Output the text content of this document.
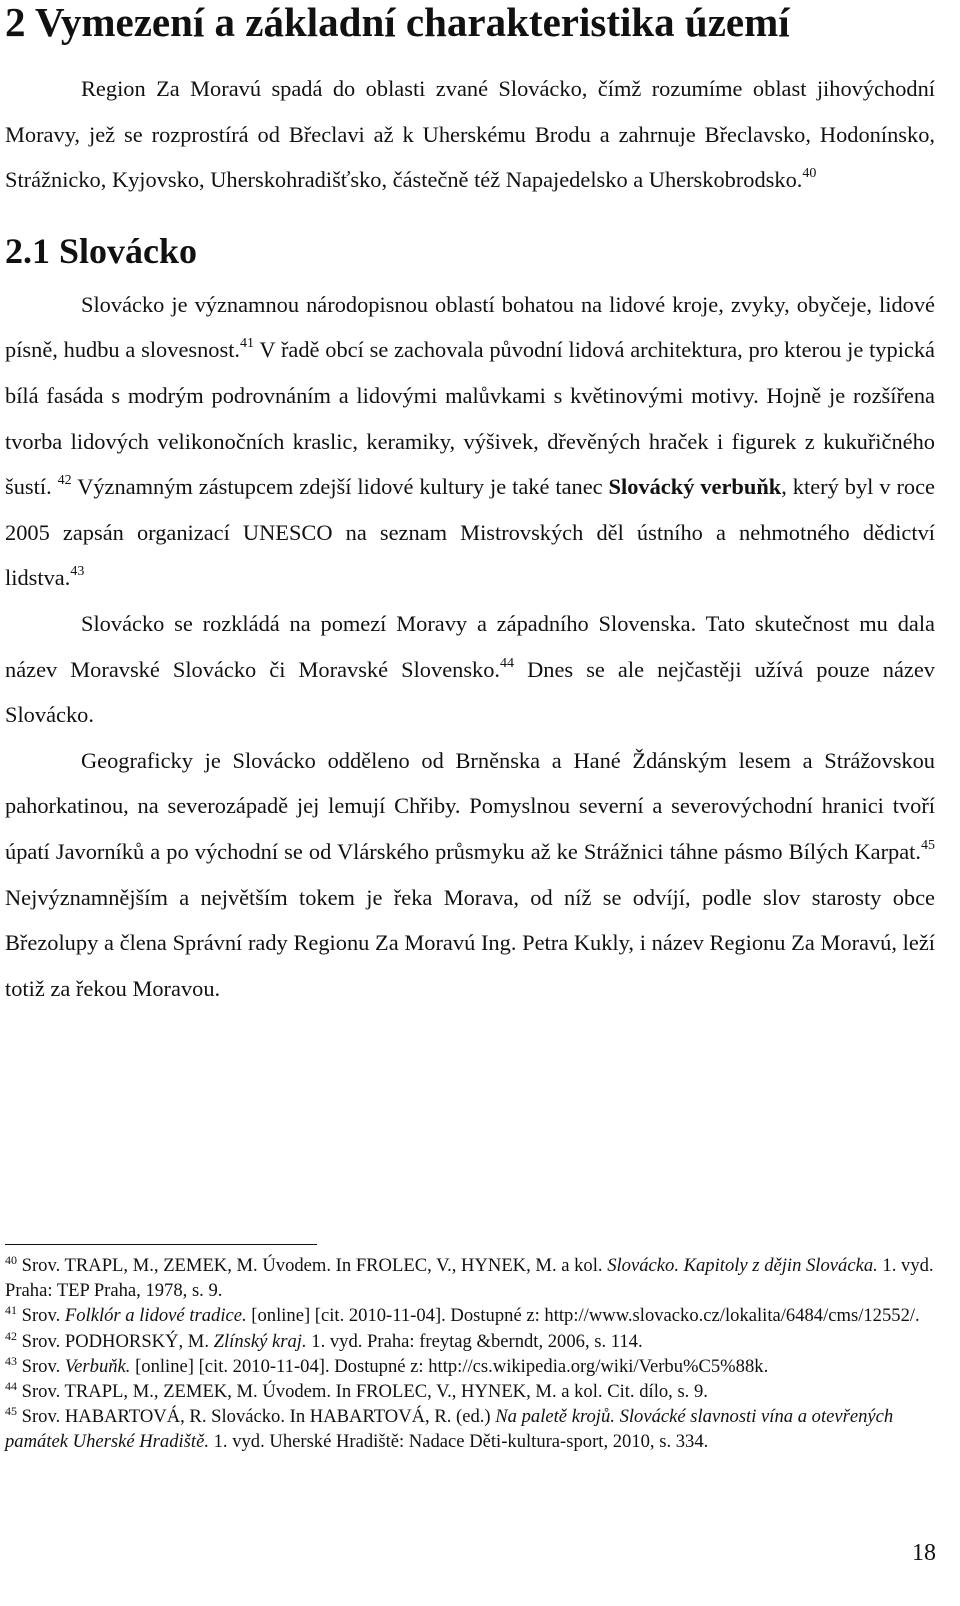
2 Vymezení a základní charakteristika území

Region Za Moravú spadá do oblasti zvané Slovácko, čímž rozumíme oblast jihovýchodní Moravy, jež se rozprostírá od Břeclavi až k Uherskému Brodu a zahrnuje Břeclavsko, Hodonínsko, Strážnicko, Kyjovsko, Uherskohradišťsko, částečně též Napajedelsko a Uherskobrodsko.$^{40}$

2.1 Slovácko

Slovácko je významnou národopisnou oblastí bohatou na lidové kroje, zvyky, obyčeje, lidové písně, hudbu a slovesnost.$^{41}$ V řadě obcí se zachovala původní lidová architektura, pro kterou je typická bílá fasáda s modrým podrovnáním a lidovými malůvkami s květinovými motivy. Hojně je rozšířena tvorba lidových velikonočních kraslic, keramiky, výšivek, dřevěných hraček i figurek z kukuřičného šustí. $^{42}$ Významným zástupcem zdejší lidové kultury je také tanec Slovácký verbuňk, který byl v roce 2005 zapsán organizací UNESCO na seznam Mistrovských děl ústního a nehmotného dědictví lidstva.$^{43}$

Slovácko se rozkládá na pomezí Moravy a západního Slovenska. Tato skutečnost mu dala název Moravské Slovácko či Moravské Slovensko.$^{44}$ Dnes se ale nejčastěji užívá pouze název Slovácko.

Geograficky je Slovácko odděleno od Brněnska a Hané Ždánským lesem a Strážovskou pahorkatinou, na severozápadě jej lemují Chřiby. Pomyslnou severní a severovýchodní hranici tvoří úpatí Javorníků a po východní se od Vlárského průsmyku až ke Strážnici táhne pásmo Bílých Karpat.$^{45}$ Nejvýznamnějším a největším tokem je řeka Morava, od níž se odvíjí, podle slov starosty obce Březolupy a člena Správní rady Regionu Za Moravú Ing. Petra Kukly, i název Regionu Za Moravú, leží totiž za řekou Moravou.

$^{40}$ Srov. TRAPL, M., ZEMEK, M. Úvodem. In FROLEC, V., HYNEK, M. a kol. Slovácko. Kapitoly z dějin Slovácka. 1. vyd. Praha: TEP Praha, 1978, s. 9.
$^{41}$ Srov. Folklór a lidové tradice. [online] [cit. 2010-11-04]. Dostupné z: http://www.slovacko.cz/lokalita/6484/cms/12552/.
$^{42}$ Srov. PODHORSKÝ, M. Zlínský kraj. 1. vyd. Praha: freytag &berndt, 2006, s. 114.
$^{43}$ Srov. Verbuňk. [online] [cit. 2010-11-04]. Dostupné z: http://cs.wikipedia.org/wiki/Verbu%C5%88k.
$^{44}$ Srov. TRAPL, M., ZEMEK, M. Úvodem. In FROLEC, V., HYNEK, M. a kol. Cit. dílo, s. 9.
$^{45}$ Srov. HABARTOVÁ, R. Slovácko. In HABARTOVÁ, R. (ed.) Na paletě krojů. Slovácké slavnosti vína a otevřených památek Uherské Hradiště. 1. vyd. Uherské Hradiště: Nadace Děti-kultura-sport, 2010, s. 334.
18
